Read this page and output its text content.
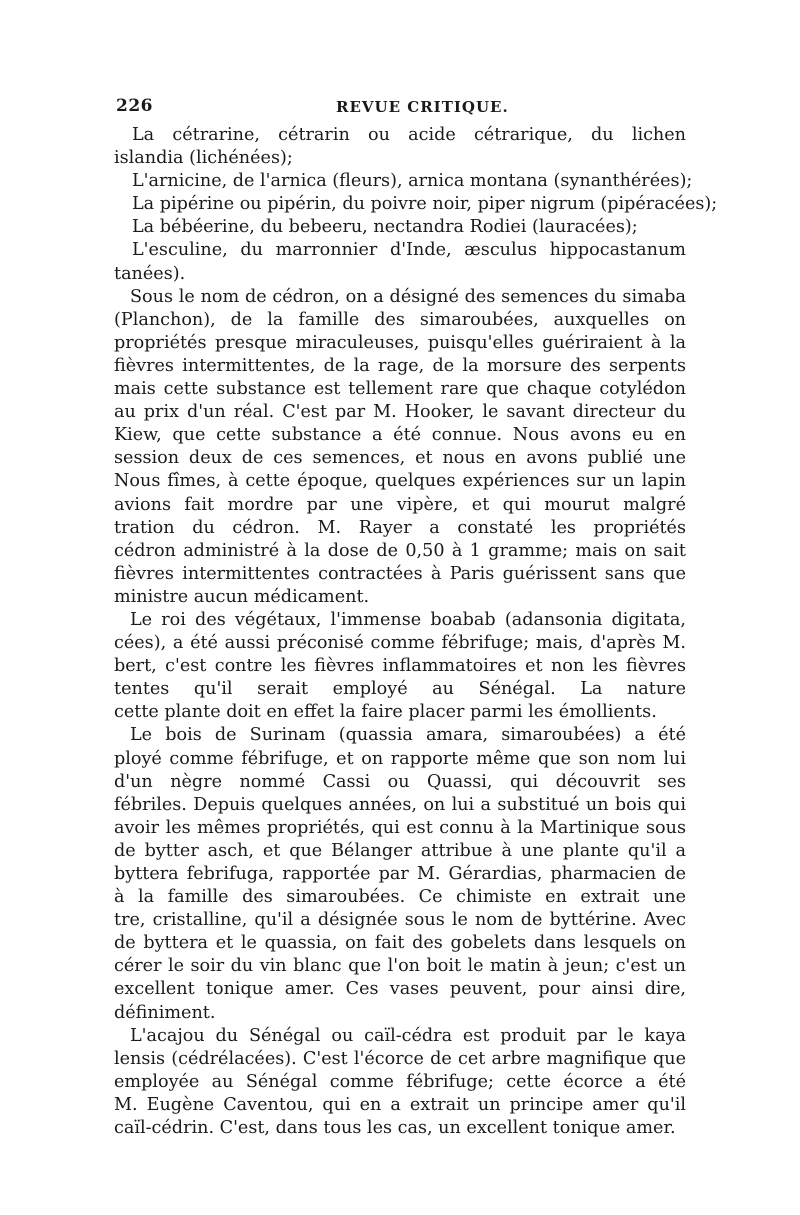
226	REVUE CRITIQUE.
La cétrarine, cétrarin ou acide cétrarique, du lichen
islandia (lichénées);
L'arnicine, de l'arnica (fleurs), arnica montana (synanthérées);
La pipérine ou pipérin, du poivre noir, piper nigrum (pipéracées);
La bébéerine, du bebeeru, nectandra Rodiei (lauracées);
L'esculine, du marronnier d'Inde, æsculus hippocastanum
tanées).
Sous le nom de cédron, on a désigné des semences du simaba
(Planchon), de la famille des simaroubées, auxquelles on
propriétés presque miraculeuses, puisqu'elles guériraient à la
fièvres intermittentes, de la rage, de la morsure des serpents
mais cette substance est tellement rare que chaque cotylédon
au prix d'un réal. C'est par M. Hooker, le savant directeur du
Kiew, que cette substance a été connue. Nous avons eu en
session deux de ces semences, et nous en avons publié une
Nous fîmes, à cette époque, quelques expériences sur un lapin
avions fait mordre par une vipère, et qui mourut malgré
tration du cédron. M. Rayer a constaté les propriétés
cédron administré à la dose de 0,50 à 1 gramme; mais on sait
fièvres intermittentes contractées à Paris guérissent sans que
ministre aucun médicament.
Le roi des végétaux, l'immense boabab (adansonia digitata,
cées), a été aussi préconisé comme fébrifuge; mais, d'après M.
bert, c'est contre les fièvres inflammatoires et non les fièvres
tentes qu'il serait employé au Sénégal. La nature
cette plante doit en effet la faire placer parmi les émollients.
Le bois de Surinam (quassia amara, simaroubées) a été
ployé comme fébrifuge, et on rapporte même que son nom lui
d'un nègre nommé Cassi ou Quassi, qui découvrit ses
fébriles. Depuis quelques années, on lui a substitué un bois qui
avoir les mêmes propriétés, qui est connu à la Martinique sous
de bytter asch, et que Bélanger attribue à une plante qu'il a
byttera febrifuga, rapportée par M. Gérardias, pharmacien de
à la famille des simaroubées. Ce chimiste en extrait une
tre, cristalline, qu'il a désignée sous le nom de byttérine. Avec
de byttera et le quassia, on fait des gobelets dans lesquels on
cérer le soir du vin blanc que l'on boit le matin à jeun; c'est un
excellent tonique amer. Ces vases peuvent, pour ainsi dire,
définiment.
L'acajou du Sénégal ou caïl-cédra est produit par le kaya
lensis (cédrélacées). C'est l'écorce de cet arbre magnifique que
employée au Sénégal comme fébrifuge; cette écorce a été
M. Eugène Caventou, qui en a extrait un principe amer qu'il
caïl-cédrin. C'est, dans tous les cas, un excellent tonique amer.
